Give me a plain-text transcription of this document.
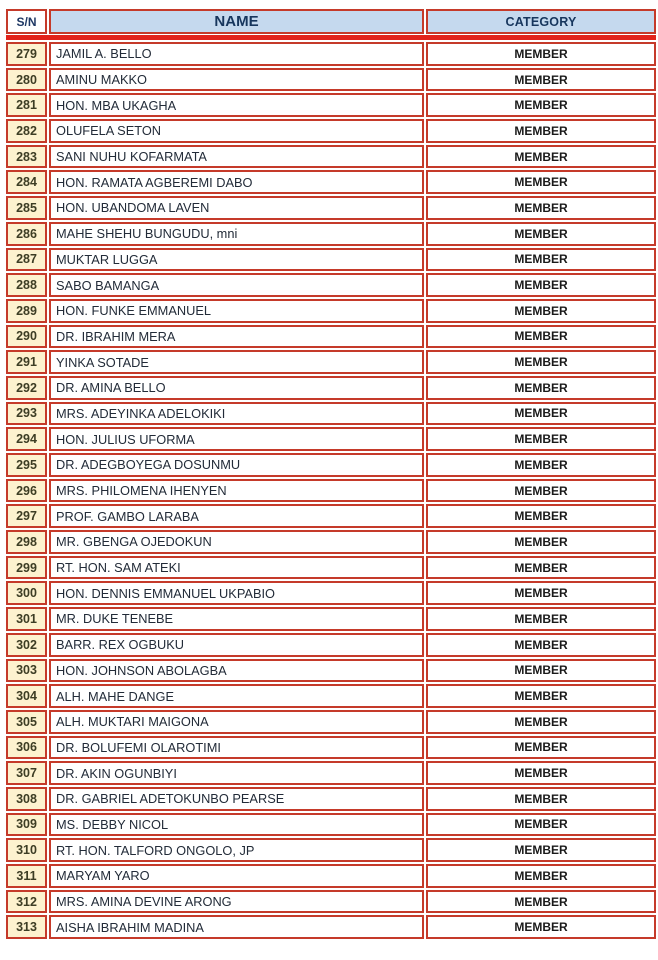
S/N	NAME	CATEGORY
279 JAMIL A. BELLO	MEMBER
280 AMINU MAKKO	MEMBER
281 HON. MBA UKAGHA	MEMBER
282 OLUFELA SETON	MEMBER
283 SANI NUHU KOFARMATA	MEMBER
284 HON. RAMATA AGBEREMI DABO	MEMBER
285 HON. UBANDOMA LAVEN	MEMBER
286 MAHE SHEHU BUNGUDU, mni	MEMBER
287 MUKTAR LUGGA	MEMBER
288 SABO BAMANGA	MEMBER
289 HON. FUNKE EMMANUEL	MEMBER
290 DR. IBRAHIM MERA	MEMBER
291 YINKA SOTADE	MEMBER
292 DR. AMINA BELLO	MEMBER
293 MRS. ADEYINKA ADELOKIKI	MEMBER
294 HON. JULIUS UFORMA	MEMBER
295 DR. ADEGBOYEGA DOSUNMU	MEMBER
296 MRS. PHILOMENA IHENYEN	MEMBER
297 PROF. GAMBO LARABA	MEMBER
298 MR. GBENGA OJEDOKUN	MEMBER
299 RT. HON. SAM ATEKI	MEMBER
300 HON. DENNIS EMMANUEL UKPABIO	MEMBER
301 MR. DUKE TENEBE	MEMBER
302 BARR. REX OGBUKU	MEMBER
303 HON. JOHNSON ABOLAGBA	MEMBER
304 ALH. MAHE DANGE	MEMBER
305 ALH. MUKTARI MAIGONA	MEMBER
306 DR. BOLUFEMI OLAROTIMI	MEMBER
307 DR. AKIN OGUNBIYI	MEMBER
308 DR. GABRIEL ADETOKUNBO PEARSE	MEMBER
309 MS. DEBBY NICOL	MEMBER
310 RT. HON. TALFORD ONGOLO, JP	MEMBER
311 MARYAM YARO	MEMBER
312 MRS. AMINA DEVINE ARONG	MEMBER
313 AISHA IBRAHIM MADINA	MEMBER
